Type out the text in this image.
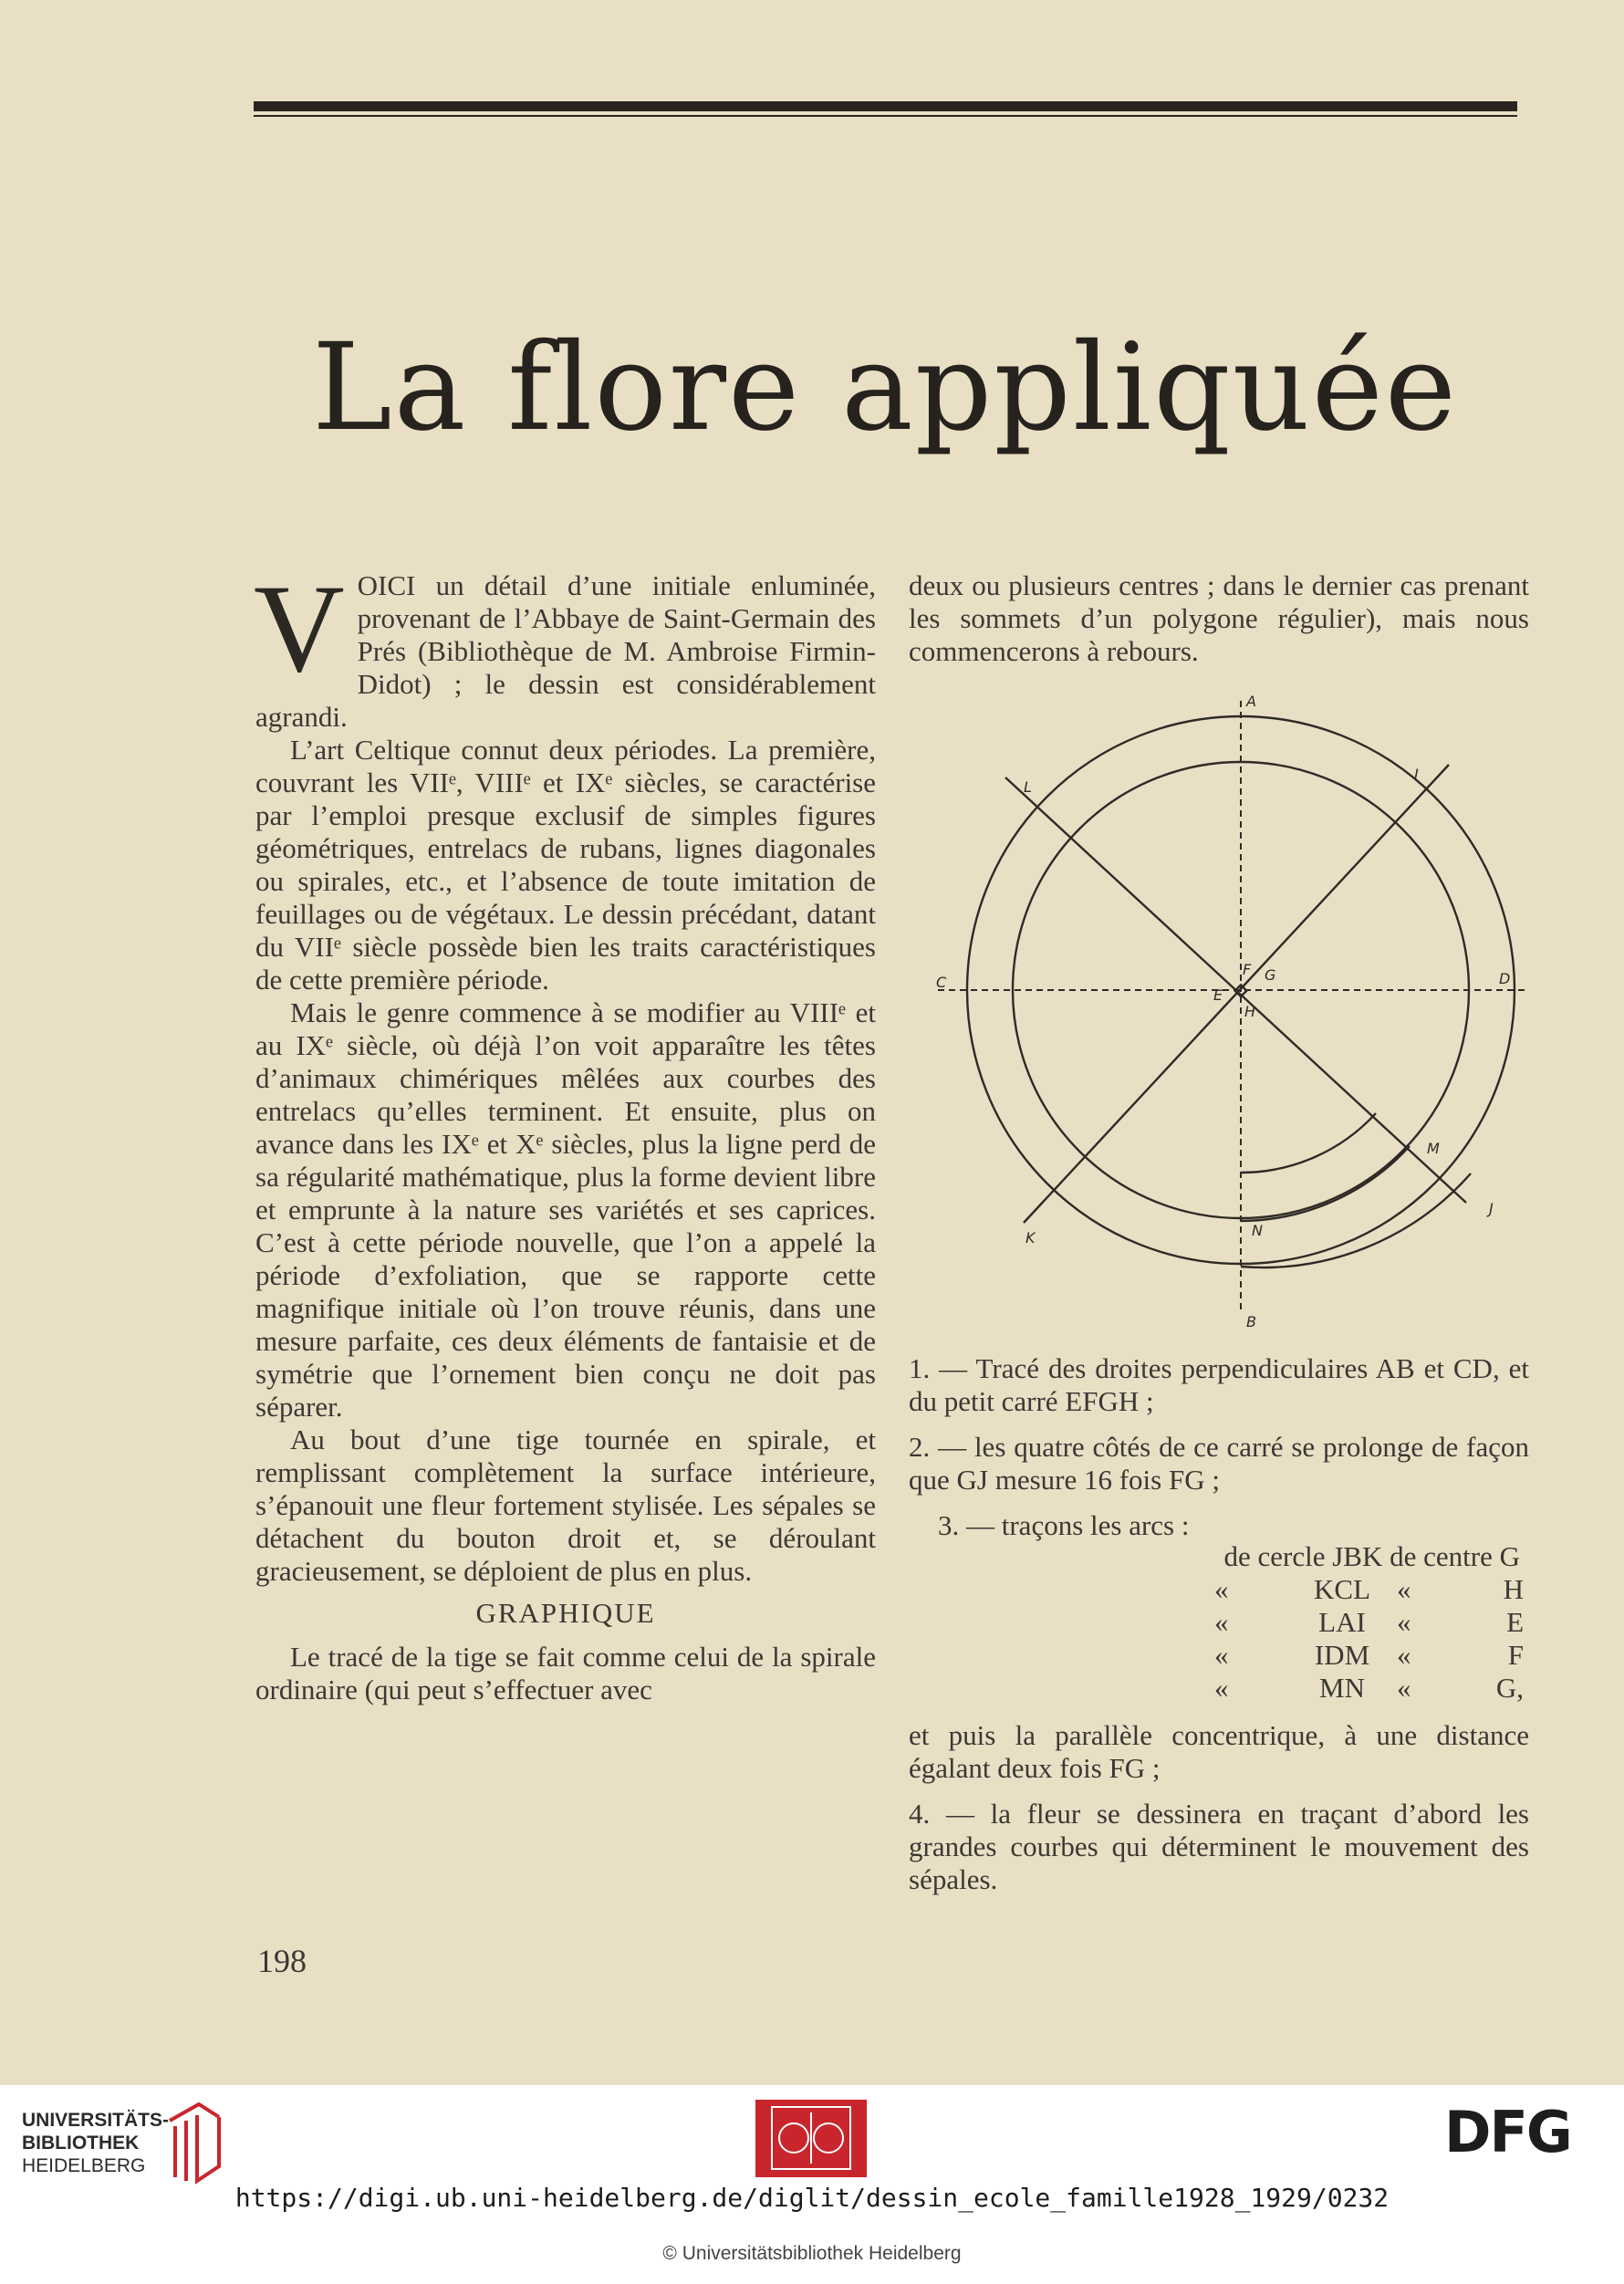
La flore appliquée

VOICI un détail d’une initiale enluminée, provenant de l’Abbaye de Saint-Germain des Prés (Bibliothèque de M. Ambroise Firmin-Didot) ; le dessin est considérablement agrandi.

L’art Celtique connut deux périodes. La première, couvrant les VIIᵉ, VIIIᵉ et IXᵉ siècles, se caractérise par l’emploi presque exclusif de simples figures géométriques, entrelacs de rubans, lignes diagonales ou spirales, etc., et l’absence de toute imitation de feuillages ou de végétaux. Le dessin précédant, datant du VIIᵉ siècle possède bien les traits caractéristiques de cette première période.

Mais le genre commence à se modifier au VIIIᵉ et au IXᵉ siècle, où déjà l’on voit apparaître les têtes d’animaux chimériques mêlées aux courbes des entrelacs qu’elles terminent. Et ensuite, plus on avance dans les IXᵉ et Xᵉ siècles, plus la ligne perd de sa régularité mathématique, plus la forme devient libre et emprunte à la nature ses variétés et ses caprices. C’est à cette période nouvelle, que l’on a appelé la période d’exfoliation, que se rapporte cette magnifique initiale où l’on trouve réunis, dans une mesure parfaite, ces deux éléments de fantaisie et de symétrie que l’ornement bien conçu ne doit pas séparer.

Au bout d’une tige tournée en spirale, et remplissant complètement la surface intérieure, s’épanouit une fleur fortement stylisée. Les sépales se détachent du bouton droit et, se déroulant gracieusement, se déploient de plus en plus.

GRAPHIQUE

Le tracé de la tige se fait comme celui de la spirale ordinaire (qui peut s’effectuer avec

deux ou plusieurs centres ; dans le dernier cas prenant les sommets d’un polygone régulier), mais nous commencerons à rebours.

A
B
C	D
E
F G
H
I
J
K
L
M
N

1. — Tracé des droites perpendiculaires AB et CD, et du petit carré EFGH ;

2. — les quatre côtés de ce carré se prolonge de façon que GJ mesure 16 fois FG ;

3. — traçons les arcs :
de cercle JBK de centre G
«	KCL «	H
«	LAI	«	E
«	IDM «	F
«	MN	«	G,

et puis la parallèle concentrique, à une distance égalant deux fois FG ;

4. — la fleur se dessinera en traçant d’abord les grandes courbes qui déterminent le mouvement des sépales.

198
UNIVERSITÄTS-
BIBLIOTHEK
HEIDELBERG
DFG
https://digi.ub.uni-heidelberg.de/diglit/dessin_ecole_famille1928_1929/0232
© Universitätsbibliothek Heidelberg
